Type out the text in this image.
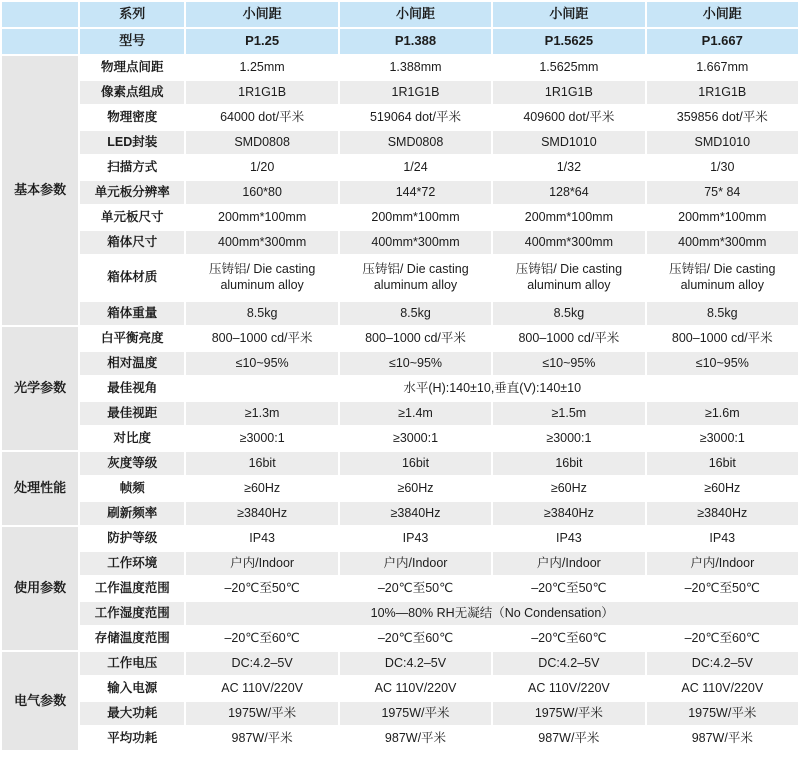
	系列	小间距	小间距	小间距	小间距
	型号	P1.25	P1.388	P1.5625	P1.667
基本参数	物理点间距	1.25mm	1.388mm	1.5625mm	1.667mm
	像素点组成	1R1G1B	1R1G1B	1R1G1B	1R1G1B
	物理密度	64000 dot/平米	519064 dot/平米	409600 dot/平米	359856 dot/平米
	LED封装	SMD0808	SMD0808	SMD1010	SMD1010
	扫描方式	1/20	1/24	1/32	1/30
	单元板分辨率	160*80	144*72	128*64	75* 84
	单元板尺寸	200mm*100mm	200mm*100mm	200mm*100mm	200mm*100mm
	箱体尺寸	400mm*300mm	400mm*300mm	400mm*300mm	400mm*300mm
	箱体材质	压铸铝/ Die casting aluminum alloy	压铸铝/ Die casting aluminum alloy	压铸铝/ Die casting aluminum alloy	压铸铝/ Die casting aluminum alloy
	箱体重量	8.5kg	8.5kg	8.5kg	8.5kg
光学参数	白平衡亮度	800–1000 cd/平米	800–1000 cd/平米	800–1000 cd/平米	800–1000 cd/平米
	相对温度	≤10~95%	≤10~95%	≤10~95%	≤10~95%
	最佳视角	水平(H):140±10,垂直(V):140±10			
	最佳视距	≥1.3m	≥1.4m	≥1.5m	≥1.6m
	对比度	≥3000:1	≥3000:1	≥3000:1	≥3000:1
处理性能	灰度等级	16bit	16bit	16bit	16bit
	帧频	≥60Hz	≥60Hz	≥60Hz	≥60Hz
	刷新频率	≥3840Hz	≥3840Hz	≥3840Hz	≥3840Hz
使用参数	防护等级	IP43	IP43	IP43	IP43
	工作环境	户内/Indoor	户内/Indoor	户内/Indoor	户内/Indoor
	工作温度范围	–20℃至50℃	–20℃至50℃	–20℃至50℃	–20℃至50℃
	工作湿度范围	10%—80% RH无凝结（No Condensation）			
	存储温度范围	–20℃至60℃	–20℃至60℃	–20℃至60℃	–20℃至60℃
电气参数	工作电压	DC:4.2–5V	DC:4.2–5V	DC:4.2–5V	DC:4.2–5V
	输入电源	AC 110V/220V	AC 110V/220V	AC 110V/220V	AC 110V/220V
	最大功耗	1975W/平米	1975W/平米	1975W/平米	1975W/平米
	平均功耗	987W/平米	987W/平米	987W/平米	987W/平米
